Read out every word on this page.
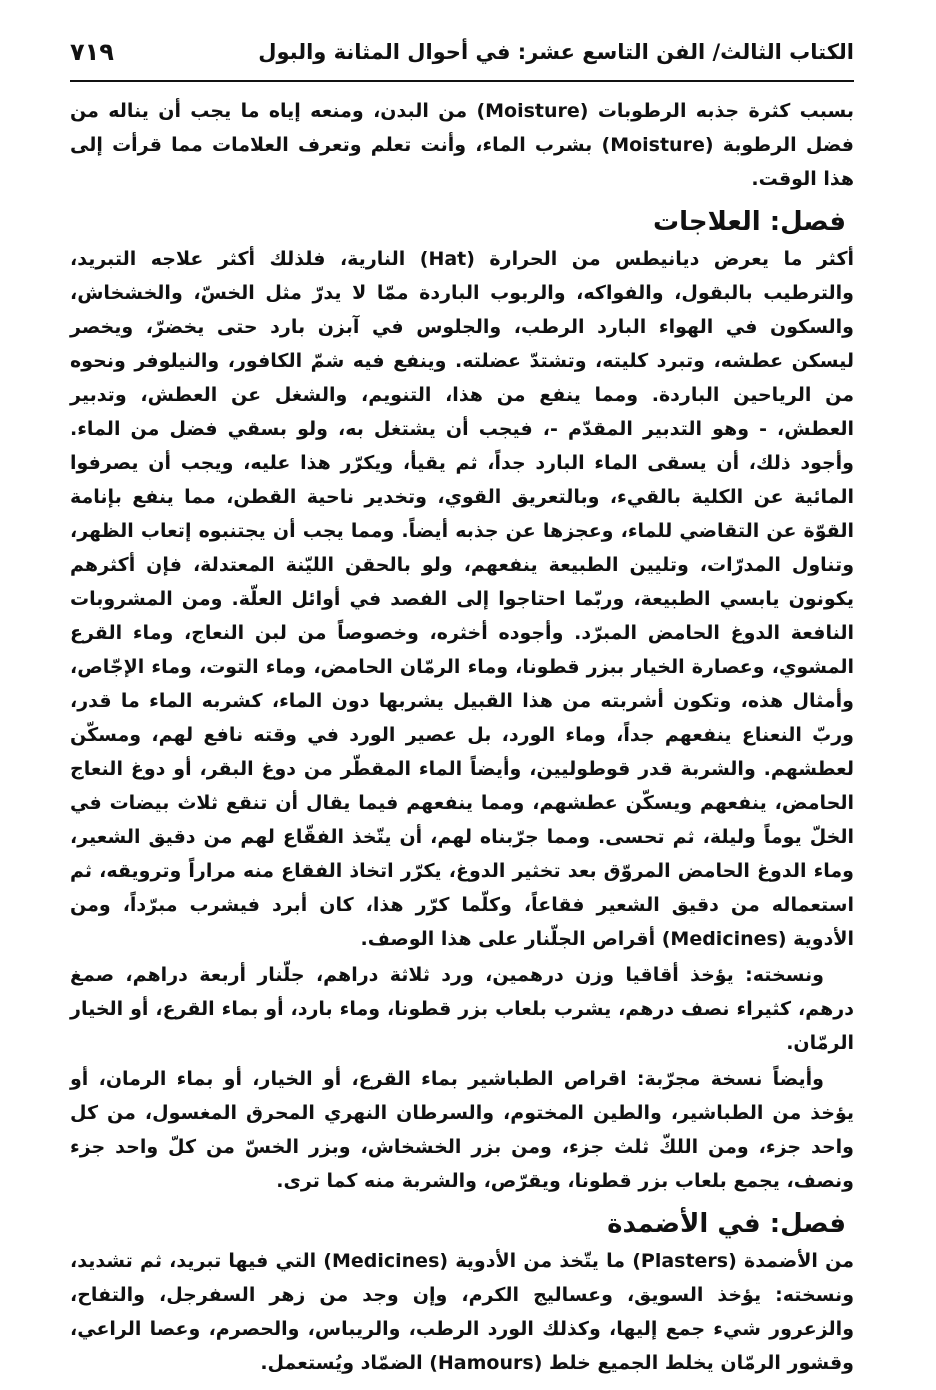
الكتاب الثالث/ الفن التاسع عشر: في أحوال المثانة والبول
٧١٩

بسبب كثرة جذبه الرطوبات (Moisture) من البدن، ومنعه إياه ما يجب أن يناله من فضل الرطوبة (Moisture) بشرب الماء، وأنت تعلم وتعرف العلامات مما قرأت إلى هذا الوقت.

فصل: العلاجات

أكثر ما يعرض ديانيطس من الحرارة (Hat) النارية، فلذلك أكثر علاجه التبريد، والترطيب بالبقول، والفواكه، والربوب الباردة ممّا لا يدرّ مثل الخسّ، والخشخاش، والسكون في الهواء البارد الرطب، والجلوس في آبزن بارد حتى يخضرّ، ويخصر ليسكن عطشه، وتبرد كليته، وتشتدّ عضلته. وينفع فيه شمّ الكافور، والنيلوفر ونحوه من الرياحين الباردة. ومما ينفع من هذا، التنويم، والشغل عن العطش، وتدبير العطش، - وهو التدبير المقدّم -، فيجب أن يشتغل به، ولو بسقي فضل من الماء. وأجود ذلك، أن يسقى الماء البارد جداً، ثم يقيأ، ويكرّر هذا عليه، ويجب أن يصرفوا المائية عن الكلية بالقيء، وبالتعريق القوي، وتخدير ناحية القطن، مما ينفع بإنامة القوّة عن التقاضي للماء، وعجزها عن جذبه أيضاً. ومما يجب أن يجتنبوه إتعاب الظهر، وتناول المدرّات، وتليين الطبيعة ينفعهم، ولو بالحقن الليّنة المعتدلة، فإن أكثرهم يكونون يابسي الطبيعة، وربّما احتاجوا إلى الفصد في أوائل العلّة. ومن المشروبات النافعة الدوغ الحامض المبرّد. وأجوده أخثره، وخصوصاً من لبن النعاج، وماء القرع المشوي، وعصارة الخيار ببزر قطونا، وماء الرمّان الحامض، وماء التوت، وماء الإجّاص، وأمثال هذه، وتكون أشربته من هذا القبيل يشربها دون الماء، كشربه الماء ما قدر، وربّ النعناع ينفعهم جداً، وماء الورد، بل عصير الورد في وقته نافع لهم، ومسكّن لعطشهم. والشربة قدر قوطوليين، وأيضاً الماء المقطّر من دوغ البقر، أو دوغ النعاج الحامض، ينفعهم ويسكّن عطشهم، ومما ينفعهم فيما يقال أن تنقع ثلاث بيضات في الخلّ يوماً وليلة، ثم تحسى. ومما جرّبناه لهم، أن يتّخذ الفقّاع لهم من دقيق الشعير، وماء الدوغ الحامض المروّق بعد تخثير الدوغ، يكرّر اتخاذ الفقاع منه مراراً وترويقه، ثم استعماله من دقيق الشعير فقاعاً، وكلّما كرّر هذا، كان أبرد فيشرب مبرّداً، ومن الأدوية (Medicines) أقراص الجلّنار على هذا الوصف.

ونسخته: يؤخذ أقاقيا وزن درهمين، ورد ثلاثة دراهم، جلّنار أربعة دراهم، صمغ درهم، كثيراء نصف درهم، يشرب بلعاب بزر قطونا، وماء بارد، أو بماء القرع، أو الخيار الرمّان.

وأيضاً نسخة مجرّبة: اقراص الطباشير بماء القرع، أو الخيار، أو بماء الرمان، أو يؤخذ من الطباشير، والطين المختوم، والسرطان النهري المحرق المغسول، من كل واحد جزء، ومن اللكّ ثلث جزء، ومن بزر الخشخاش، وبزر الخسّ من كلّ واحد جزء ونصف، يجمع بلعاب بزر قطونا، ويقرّص، والشربة منه كما ترى.

فصل: في الأضمدة

من الأضمدة (Plasters) ما يتّخذ من الأدوية (Medicines) التي فيها تبريد، ثم تشديد، ونسخته: يؤخذ السويق، وعساليج الكرم، وإن وجد من زهر السفرجل، والتفاح، والزعرور شيء جمع إليها، وكذلك الورد الرطب، والريباس، والحصرم، وعصا الراعي، وقشور الرمّان يخلط الجميع خلط (Hamours) الضمّاد ويُستعمل.
